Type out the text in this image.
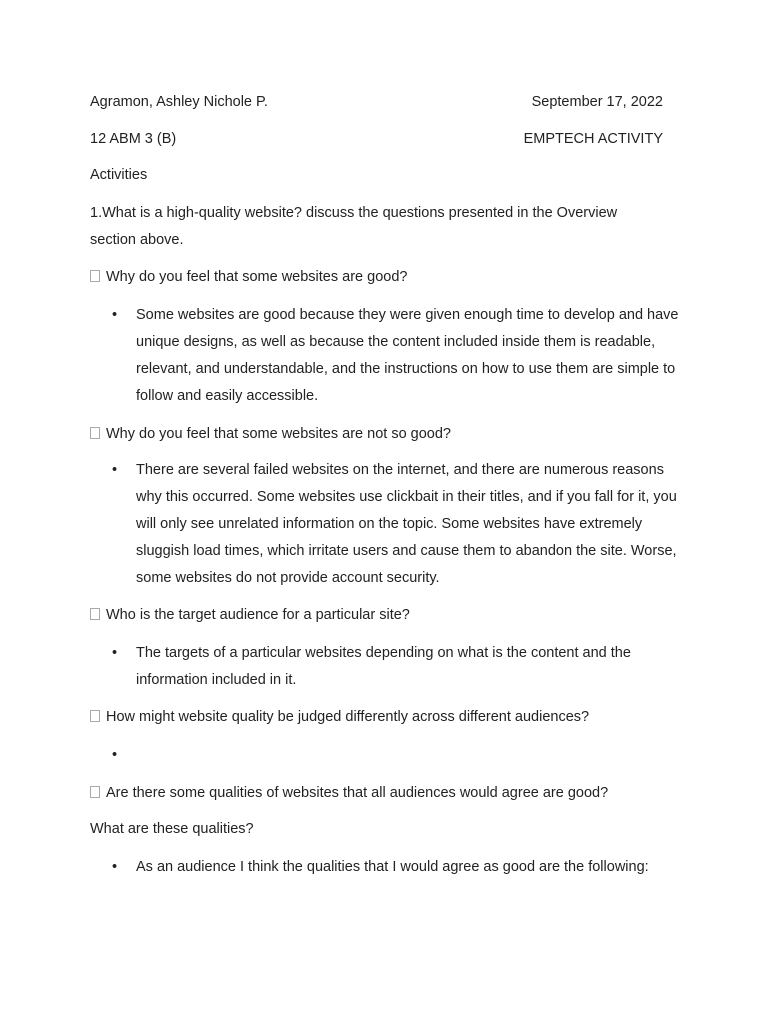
Agramon, Ashley Nichole P.	September 17, 2022
12 ABM 3 (B)	EMPTECH ACTIVITY
Activities
1.What is a high-quality website? discuss the questions presented in the Overview section above.
Why do you feel that some websites are good?
• Some websites are good because they were given enough time to develop and have unique designs, as well as because the content included inside them is readable, relevant, and understandable, and the instructions on how to use them are simple to follow and easily accessible.
Why do you feel that some websites are not so good?
• There are several failed websites on the internet, and there are numerous reasons why this occurred. Some websites use clickbait in their titles, and if you fall for it, you will only see unrelated information on the topic. Some websites have extremely sluggish load times, which irritate users and cause them to abandon the site. Worse, some websites do not provide account security.
Who is the target audience for a particular site?
• The targets of a particular websites depending on what is the content and the information included in it.
How might website quality be judged differently across different audiences?
•
Are there some qualities of websites that all audiences would agree are good?
What are these qualities?
• As an audience I think the qualities that I would agree as good are the following:
